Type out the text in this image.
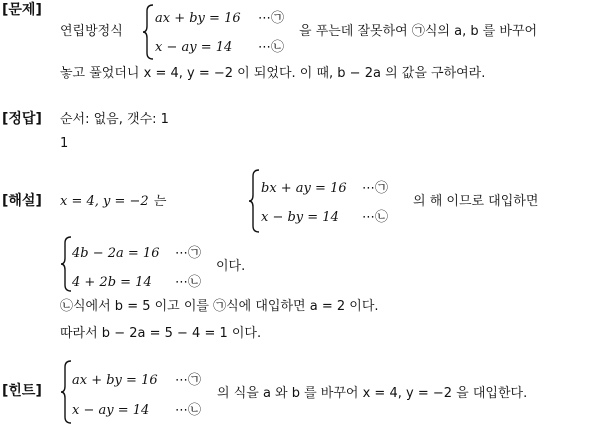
[문제]
[정답]
[해설]
[힌트]
연립방정식
ax + by = 16 ⋯㉠
x − ay = 14 ⋯㉡
을 푸는데 잘못하여 ㉠식의 a, b 를 바꾸어
놓고 풀었더니 x = 4, y = −2 이 되었다. 이 때, b − 2a 의 값을 구하여라.
순서: 없음, 갯수: 1
1
x = 4, y = −2 는
bx + ay = 16 ⋯㉠
x − by = 14 ⋯㉡
의 해 이므로 대입하면
4b − 2a = 16 ⋯㉠
4 + 2b = 14 ⋯㉡
이다.
㉡식에서 b = 5 이고 이를 ㉠식에 대입하면 a = 2 이다.
따라서 b − 2a = 5 − 4 = 1 이다.
ax + by = 16 ⋯㉠
x − ay = 14 ⋯㉡
의 식을 a 와 b 를 바꾸어 x = 4, y = −2 을 대입한다.
